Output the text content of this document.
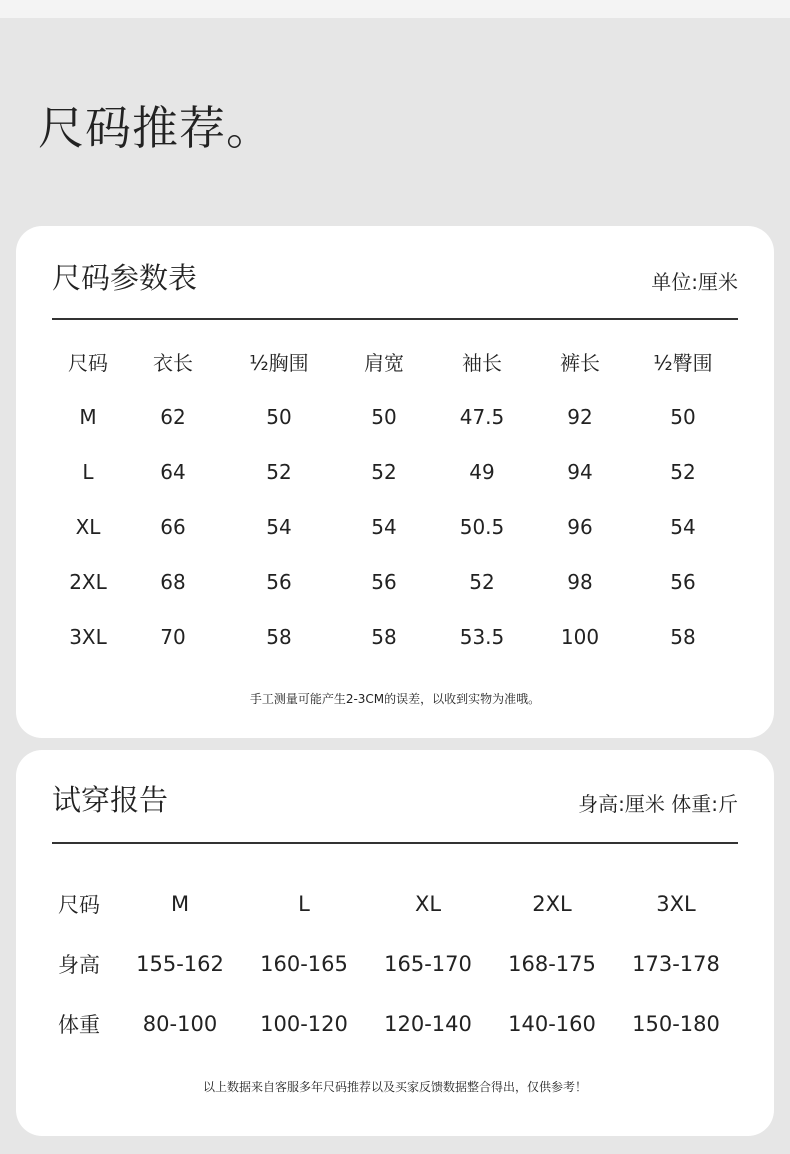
尺码推荐。
尺码参数表	单位:厘米
尺码	衣长	½胸围	肩宽	袖长	裤长	½臀围
M	62	50	50	47.5	92	50
L	64	52	52	49	94	52
XL	66	54	54	50.5	96	54
2XL	68	56	56	52	98	56
3XL	70	58	58	53.5	100	58
手工测量可能产生2-3CM的误差，以收到实物为准哦。
试穿报告	身高:厘米 体重:斤
尺码	M	L	XL	2XL	3XL
身高	155-162	160-165	165-170	168-175	173-178
体重	80-100	100-120	120-140	140-160	150-180
以上数据来自客服多年尺码推荐以及买家反馈数据整合得出，仅供参考！
